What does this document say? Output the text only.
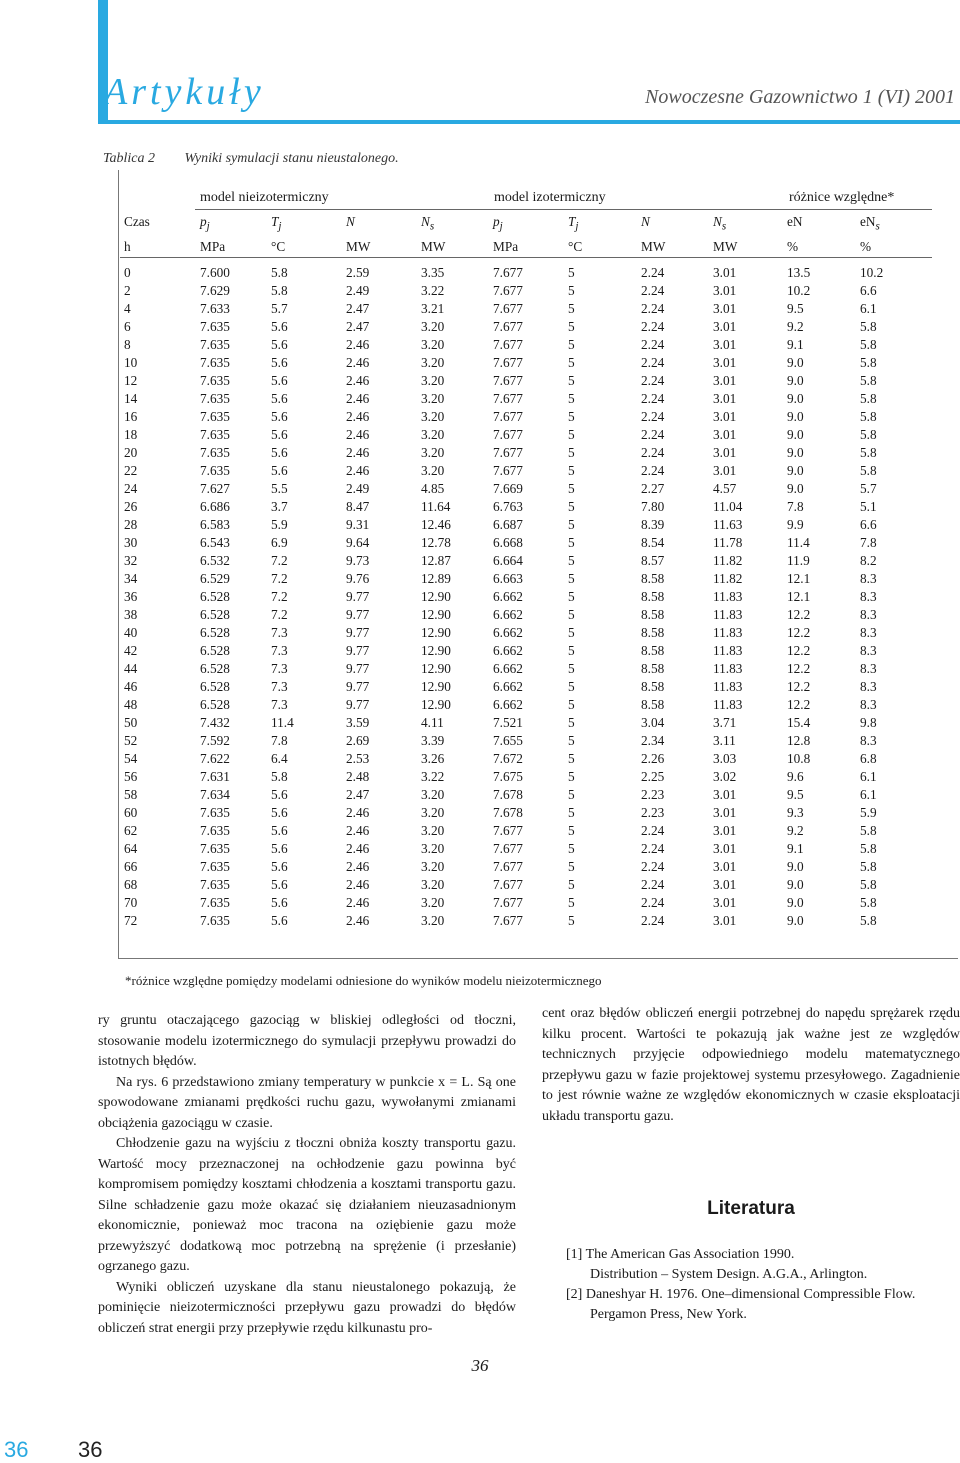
Artykuły	Nowoczesne Gazownictwo 1 (VI) 2001
Tablica 2 Wyniki symulacji stanu nieustalonego.
model nieizotermiczny	model izotermiczny	różnice względne*
Czas	$p_j$	$T_j$	N	$N_s$	$p_j$	$T_j$	N	$N_s$	eN	$eN_s$
h	MPa	°C	MW	MW	MPa	°C	MW	MW	%	%

0	7.600	5.8	2.59	3.35	7.677	5	2.24	3.01	13.5	10.2
2	7.629	5.8	2.49	3.22	7.677	5	2.24	3.01	10.2	6.6
4	7.633	5.7	2.47	3.21	7.677	5	2.24	3.01	9.5	6.1
6	7.635	5.6	2.47	3.20	7.677	5	2.24	3.01	9.2	5.8
8	7.635	5.6	2.46	3.20	7.677	5	2.24	3.01	9.1	5.8
10	7.635	5.6	2.46	3.20	7.677	5	2.24	3.01	9.0	5.8
12	7.635	5.6	2.46	3.20	7.677	5	2.24	3.01	9.0	5.8
14	7.635	5.6	2.46	3.20	7.677	5	2.24	3.01	9.0	5.8
16	7.635	5.6	2.46	3.20	7.677	5	2.24	3.01	9.0	5.8
18	7.635	5.6	2.46	3.20	7.677	5	2.24	3.01	9.0	5.8
20	7.635	5.6	2.46	3.20	7.677	5	2.24	3.01	9.0	5.8
22	7.635	5.6	2.46	3.20	7.677	5	2.24	3.01	9.0	5.8
24	7.627	5.5	2.49	4.85	7.669	5	2.27	4.57	9.0	5.7
26	6.686	3.7	8.47	11.64	6.763	5	7.80	11.04	7.8	5.1
28	6.583	5.9	9.31	12.46	6.687	5	8.39	11.63	9.9	6.6
30	6.543	6.9	9.64	12.78	6.668	5	8.54	11.78	11.4	7.8
32	6.532	7.2	9.73	12.87	6.664	5	8.57	11.82	11.9	8.2
34	6.529	7.2	9.76	12.89	6.663	5	8.58	11.82	12.1	8.3
36	6.528	7.2	9.77	12.90	6.662	5	8.58	11.83	12.1	8.3
38	6.528	7.2	9.77	12.90	6.662	5	8.58	11.83	12.2	8.3
40	6.528	7.3	9.77	12.90	6.662	5	8.58	11.83	12.2	8.3
42	6.528	7.3	9.77	12.90	6.662	5	8.58	11.83	12.2	8.3
44	6.528	7.3	9.77	12.90	6.662	5	8.58	11.83	12.2	8.3
46	6.528	7.3	9.77	12.90	6.662	5	8.58	11.83	12.2	8.3
48	6.528	7.3	9.77	12.90	6.662	5	8.58	11.83	12.2	8.3
50	7.432	11.4	3.59	4.11	7.521	5	3.04	3.71	15.4	9.8
52	7.592	7.8	2.69	3.39	7.655	5	2.34	3.11	12.8	8.3
54	7.622	6.4	2.53	3.26	7.672	5	2.26	3.03	10.8	6.8
56	7.631	5.8	2.48	3.22	7.675	5	2.25	3.02	9.6	6.1
58	7.634	5.6	2.47	3.20	7.678	5	2.23	3.01	9.5	6.1
60	7.635	5.6	2.46	3.20	7.678	5	2.23	3.01	9.3	5.9
62	7.635	5.6	2.46	3.20	7.677	5	2.24	3.01	9.2	5.8
64	7.635	5.6	2.46	3.20	7.677	5	2.24	3.01	9.1	5.8
66	7.635	5.6	2.46	3.20	7.677	5	2.24	3.01	9.0	5.8
68	7.635	5.6	2.46	3.20	7.677	5	2.24	3.01	9.0	5.8
70	7.635	5.6	2.46	3.20	7.677	5	2.24	3.01	9.0	5.8
72	7.635	5.6	2.46	3.20	7.677	5	2.24	3.01	9.0	5.8
*różnice względne pomiędzy modelami odniesione do wyników modelu nieizotermicznego

ry gruntu otaczającego gazociąg w bliskiej odległości od tłoczni, stosowanie modelu izotermicznego do symulacji przepływu prowadzi do istotnych błędów.

Na rys. 6 przedstawiono zmiany temperatury w punkcie x = L. Są one spowodowane zmianami prędkości ruchu gazu, wywołanymi zmianami obciążenia gazociągu w czasie.

Chłodzenie gazu na wyjściu z tłoczni obniża koszty transportu gazu. Wartość mocy przeznaczonej na ochłodzenie gazu powinna być kompromisem pomiędzy kosztami chłodzenia a kosztami transportu gazu. Silne schładzenie gazu może okazać się działaniem nieuzasadnionym ekonomicznie, ponieważ moc tracona na oziębienie gazu może przewyższyć dodatkową moc potrzebną na sprężenie (i przesłanie) ogrzanego gazu.

Wyniki obliczeń uzyskane dla stanu nieustalonego pokazują, że pominięcie nieizotermiczności przepływu gazu prowadzi do błędów obliczeń strat energii przy przepływie rzędu kilkunastu pro-

cent oraz błędów obliczeń energii potrzebnej do napędu sprężarek rzędu kilku procent. Wartości te pokazują jak ważne jest ze względów technicznych przyjęcie odpowiedniego modelu matematycznego przepływu gazu w fazie projektowej systemu przesyłowego. Zagadnienie to jest równie ważne ze względów ekonomicznych w czasie eksploatacji układu transportu gazu.

Literatura
[1] The American Gas Association 1990.
Distribution – System Design. A.G.A., Arlington.
[2] Daneshyar H. 1976. One–dimensional Compressible Flow.
Pergamon Press, New York.
36
36 36
